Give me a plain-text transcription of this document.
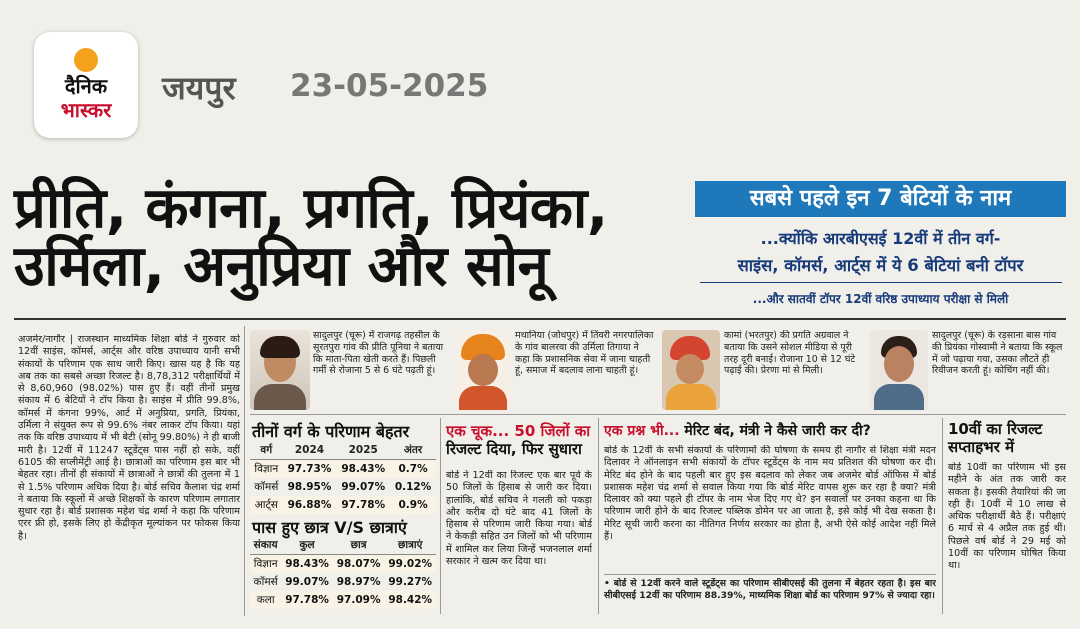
दैनिक
भास्कर
जयपुर 23-05-2025
प्रीति, कंगना, प्रगति, प्रियंका,
उर्मिला, अनुप्रिया और सोनू
सबसे पहले इन 7 बेटियों के नाम
...क्योंकि आरबीएसई 12वीं में तीन वर्ग-
साइंस, कॉमर्स, आर्ट्स में ये 6 बेटियां बनी टॉपर
...और सातवीं टॉपर 12वीं वरिष्ठ उपाध्याय परीक्षा से मिली
अजमेर/नागौर | राजस्थान माध्यमिक शिक्षा बोर्ड ने गुरुवार को 12वीं साइंस, कॉमर्स, आर्ट्स और वरिष्ठ उपाध्याय यानी सभी संकायों के परिणाम एक साथ जारी किए। खास यह है कि यह अब तक का सबसे अच्छा रिजल्ट है। 8,78,312 परीक्षार्थियों में से 8,60,960 (98.02%) पास हुए हैं। वहीं तीनों प्रमुख संकाय में 6 बेटियों ने टॉप किया है। साइंस में प्रीति 99.8%, कॉमर्स में कंगना 99%, आर्ट में अनुप्रिया, प्रगति, प्रियंका, उर्मिला ने संयुक्त रूप से 99.6% नंबर लाकर टॉप किया। यहां तक कि वरिष्ठ उपाध्याय में भी बेटी (सोनू 99.80%) ने ही बाजी मारी है। 12वीं में 11247 स्टूडेंट्स पास नहीं हो सके, वहीं 6105 की सप्लीमेंट्री आई है। छात्राओं का परिणाम इस बार भी बेहतर रहा। तीनों ही संकायों में छात्राओं ने छात्रों की तुलना में 1 से 1.5% परिणाम अधिक दिया है। बोर्ड सचिव कैलाश चंद्र शर्मा ने बताया कि स्कूलों में अच्छे शिक्षकों के कारण परिणाम लगातार सुधार रहा है। बोर्ड प्रशासक महेश चंद्र शर्मा ने कहा कि परिणाम एरर फ्री हो, इसके लिए हो केंद्रीकृत मूल्यांकन पर फोकस किया है।
सादुलपुर (चूरू) में राजगढ़ तहसील के सूरतपुरा गांव की प्रीति पूनिया ने बताया कि माता-पिता खेती करते हैं। पिछली गर्मी से रोजाना 5 से 6 घंटे पढ़ती हूं।
मथानिया (जोधपुर) में तिंवरी नगरपालिका के गांव बालरवा की उर्मिला तिगाया ने कहा कि प्रशासनिक सेवा में जाना चाहती हूं, समाज में बदलाव लाना चाहती हूं।
कामां (भरतपुर) की प्रगति अग्रवाल ने बताया कि उसने सोशल मीडिया से पूरी तरह दूरी बनाई। रोजाना 10 से 12 घंटे पढ़ाई की। प्रेरणा मां से मिली।
सादुलपुर (चूरू) के रड़साना बास गांव की प्रियंका गोस्वामी ने बताया कि स्कूल में जो पढ़ाया गया, उसका लौटते ही रिवीजन करती हूं। कोचिंग नहीं की।
तीनों वर्ग के परिणाम बेहतर
वर्ग	2024	2025	अंतर
विज्ञान	97.73%	98.43%	0.7%
कॉमर्स	98.95%	99.07%	0.12%
आर्ट्स	96.88%	97.78%	0.9%
पास हुए छात्र V/S छात्राएं
संकाय	कुल	छात्र	छात्राएं
विज्ञान	98.43%	98.07%	99.02%
कॉमर्स	99.07%	98.97%	99.27%
कला	97.78%	97.09%	98.42%
एक चूक... 50 जिलों का
रिजल्ट दिया, फिर सुधारा
बोर्ड ने 12वीं का रिजल्ट एक बार पूर्व के 50 जिलों के हिसाब से जारी कर दिया। हालांकि, बोर्ड सचिव ने गलती को पकड़ा और करीब दो घंटे बाद 41 जिलों के हिसाब से परिणाम जारी किया गया। बोर्ड ने केकड़ी सहित उन जिलों को भी परिणाम में शामिल कर लिया जिन्हें भजनलाल शर्मा सरकार ने खत्म कर दिया था।
एक प्रश्न भी... मेरिट बंद, मंत्री ने कैसे जारी कर दी?
बोर्ड के 12वीं के सभी संकायों के परिणामों की घोषणा के समय ही नागौर से शिक्षा मंत्री मदन दिलावर ने ऑनलाइन सभी संकायों के टॉपर स्टूडेंट्स के नाम मय प्रतिशत की घोषणा कर दी। मेरिट बंद होने के बाद पहली बार हुए इस बदलाव को लेकर जब अजमेर बोर्ड ऑफिस में बोर्ड प्रशासक महेश चंद्र शर्मा से सवाल किया गया कि बोर्ड मेरिट वापस शुरू कर रहा है क्या? मंत्री दिलावर को क्या पहले ही टॉपर के नाम भेज दिए गए थे? इन सवालों पर उनका कहना था कि परिणाम जारी होने के बाद रिजल्ट पब्लिक डोमेन पर आ जाता है, इसे कोई भी देख सकता है। मेरिट सूची जारी करना का नीतिगत निर्णय सरकार का होता है, अभी ऐसे कोई आदेश नहीं मिले हैं।
• बोर्ड से 12वीं करने वाले स्टूडेंट्स का परिणाम सीबीएसई की तुलना में बेहतर रहता है। इस बार सीबीएसई 12वीं का परिणाम 88.39%, माध्यमिक शिक्षा बोर्ड का परिणाम 97% से ज्यादा रहा।
10वीं का रिजल्ट
सप्ताहभर में
बोर्ड 10वीं का परिणाम भी इस महीने के अंत तक जारी कर सकता है। इसकी तैयारियां की जा रही हैं। 10वीं में 10 लाख से अधिक परीक्षार्थी बैठे हैं। परीक्षाएं 6 मार्च से 4 अप्रैल तक हुई थीं। पिछले वर्ष बोर्ड ने 29 मई को 10वीं का परिणाम घोषित किया था।
